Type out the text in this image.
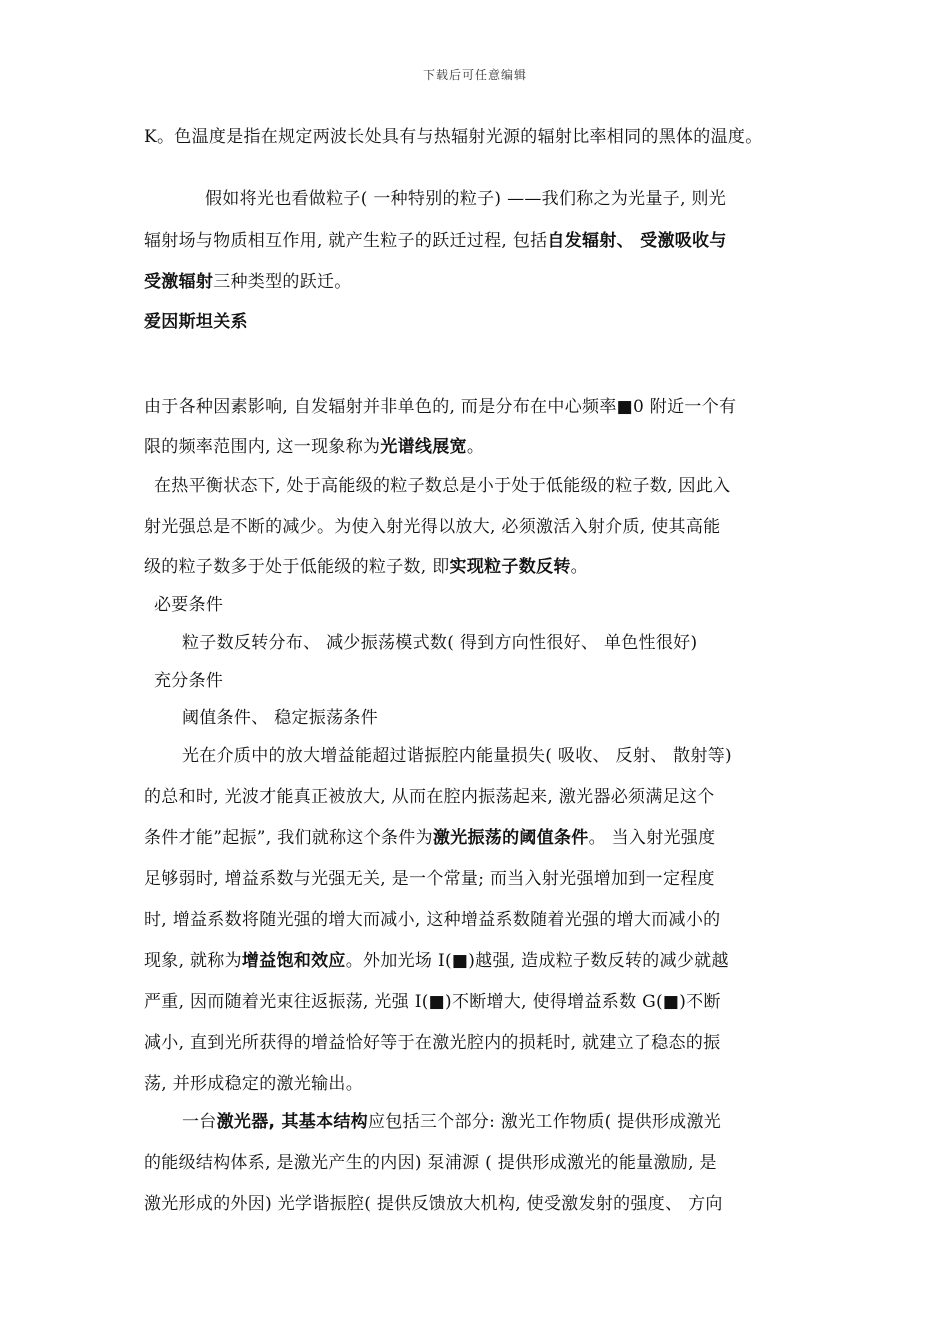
下载后可任意编辑
K。色温度是指在规定两波长处具有与热辐射光源的辐射比率相同的黑体的温度。
假如将光也看做粒子( 一种特别的粒子) ——我们称之为光量子, 则光
辐射场与物质相互作用, 就产生粒子的跃迁过程, 包括自发辐射、 受激吸收与
受激辐射三种类型的跃迁。
爱因斯坦关系
由于各种因素影响, 自发辐射并非单色的, 而是分布在中心频率■0 附近一个有
限的频率范围内, 这一现象称为光谱线展宽。
在热平衡状态下, 处于高能级的粒子数总是小于处于低能级的粒子数, 因此入
射光强总是不断的减少。为使入射光得以放大, 必须激活入射介质, 使其高能
级的粒子数多于处于低能级的粒子数, 即实现粒子数反转。
必要条件
粒子数反转分布、 减少振荡模式数( 得到方向性很好、 单色性很好)
充分条件
阈值条件、 稳定振荡条件
光在介质中的放大增益能超过谐振腔内能量损失( 吸收、 反射、 散射等)
的总和时, 光波才能真正被放大, 从而在腔内振荡起来, 激光器必须满足这个
条件才能”起振”, 我们就称这个条件为激光振荡的阈值条件。 当入射光强度
足够弱时, 增益系数与光强无关, 是一个常量; 而当入射光强增加到一定程度
时, 增益系数将随光强的增大而减小, 这种增益系数随着光强的增大而减小的
现象, 就称为增益饱和效应。外加光场 I(■)越强, 造成粒子数反转的减少就越
严重, 因而随着光束往返振荡, 光强 I(■)不断增大, 使得增益系数 G(■)不断
减小, 直到光所获得的增益恰好等于在激光腔内的损耗时, 就建立了稳态的振
荡, 并形成稳定的激光输出。
一台激光器, 其基本结构应包括三个部分: 激光工作物质( 提供形成激光
的能级结构体系, 是激光产生的内因) 泵浦源 ( 提供形成激光的能量激励, 是
激光形成的外因) 光学谐振腔( 提供反馈放大机构, 使受激发射的强度、 方向
